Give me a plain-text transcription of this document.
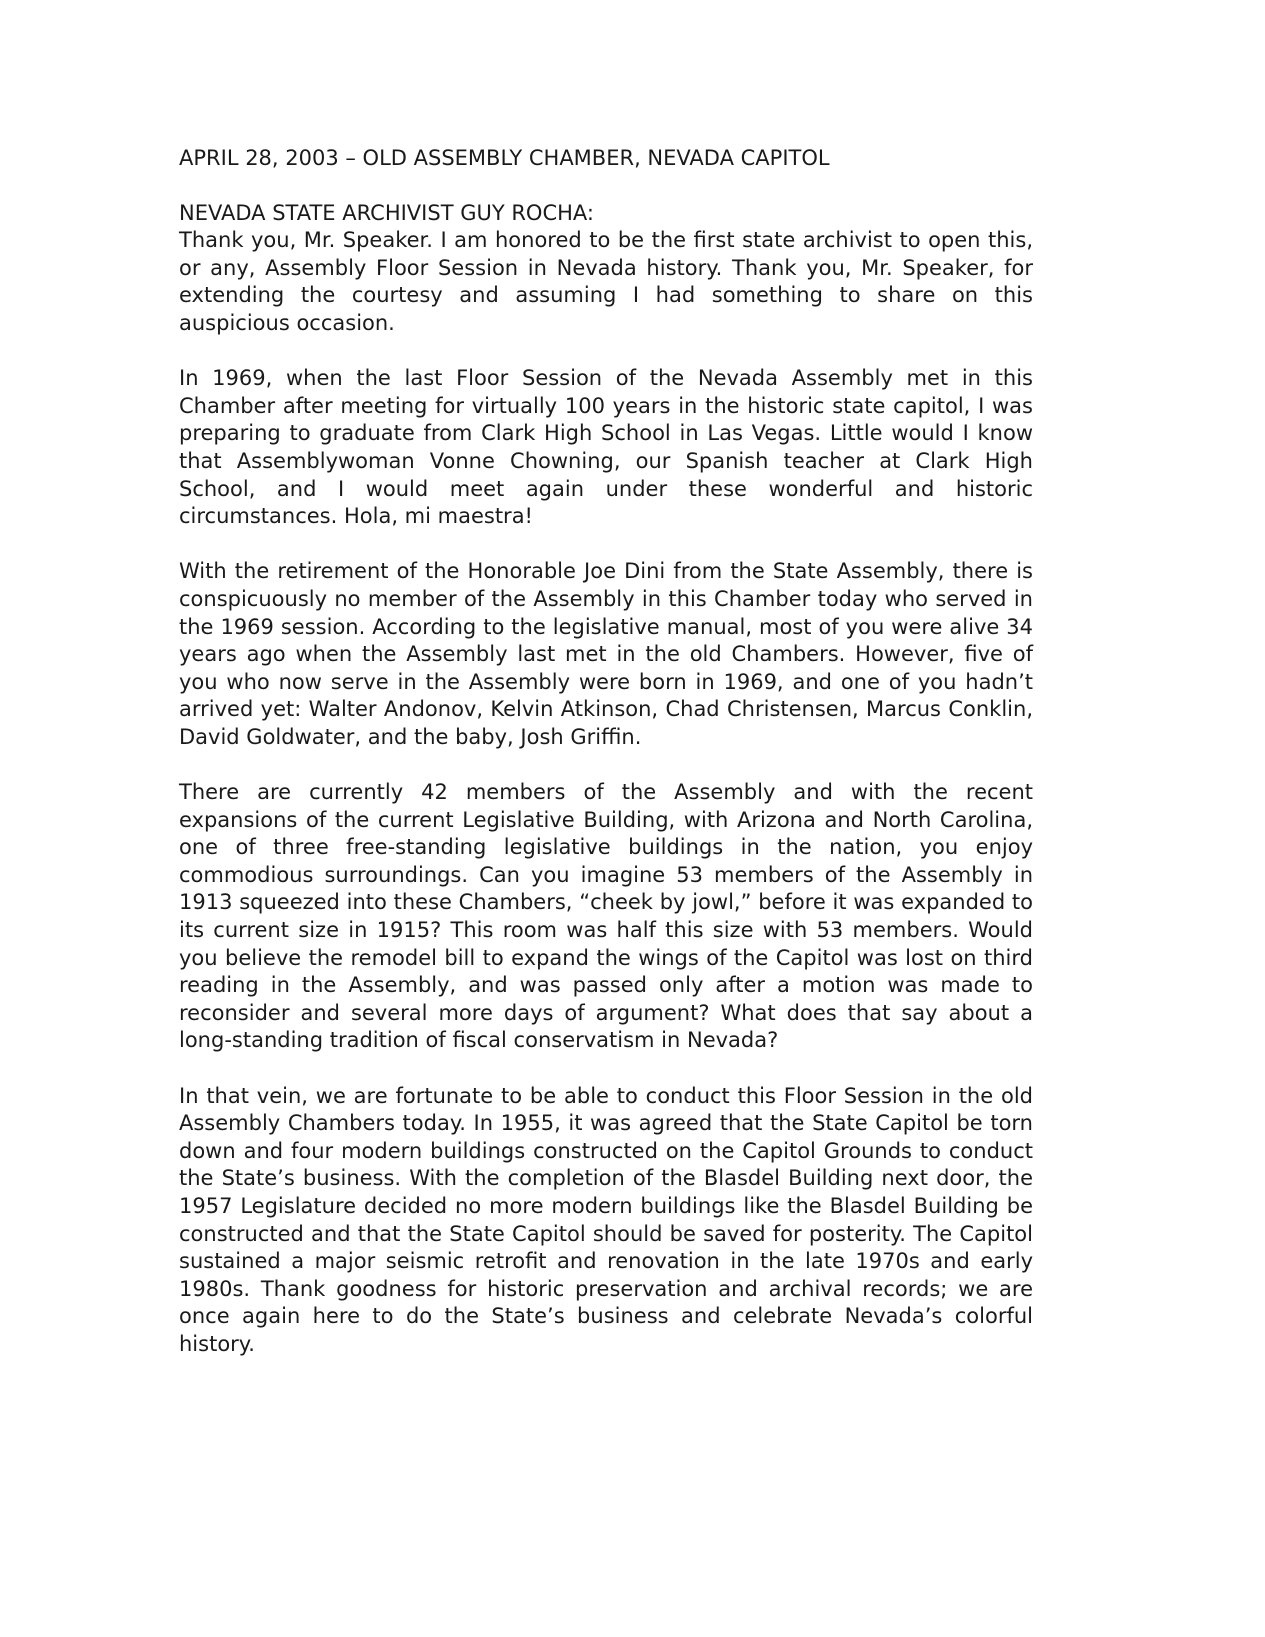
APRIL 28, 2003 – OLD ASSEMBLY CHAMBER, NEVADA CAPITOL

NEVADA STATE ARCHIVIST GUY ROCHA:

Thank you, Mr. Speaker. I am honored to be the first state archivist to open this, or any, Assembly Floor Session in Nevada history. Thank you, Mr. Speaker, for extending the courtesy and assuming I had something to share on this auspicious occasion.

In 1969, when the last Floor Session of the Nevada Assembly met in this Chamber after meeting for virtually 100 years in the historic state capitol, I was preparing to graduate from Clark High School in Las Vegas. Little would I know that Assemblywoman Vonne Chowning, our Spanish teacher at Clark High School, and I would meet again under these wonderful and historic circumstances. Hola, mi maestra!

With the retirement of the Honorable Joe Dini from the State Assembly, there is conspicuously no member of the Assembly in this Chamber today who served in the 1969 session. According to the legislative manual, most of you were alive 34 years ago when the Assembly last met in the old Chambers. However, five of you who now serve in the Assembly were born in 1969, and one of you hadn’t arrived yet: Walter Andonov, Kelvin Atkinson, Chad Christensen, Marcus Conklin, David Goldwater, and the baby, Josh Griffin.

There are currently 42 members of the Assembly and with the recent expansions of the current Legislative Building, with Arizona and North Carolina, one of three free-standing legislative buildings in the nation, you enjoy commodious surroundings. Can you imagine 53 members of the Assembly in 1913 squeezed into these Chambers, “cheek by jowl,” before it was expanded to its current size in 1915? This room was half this size with 53 members. Would you believe the remodel bill to expand the wings of the Capitol was lost on third reading in the Assembly, and was passed only after a motion was made to reconsider and several more days of argument? What does that say about a long-standing tradition of fiscal conservatism in Nevada?

In that vein, we are fortunate to be able to conduct this Floor Session in the old Assembly Chambers today. In 1955, it was agreed that the State Capitol be torn down and four modern buildings constructed on the Capitol Grounds to conduct the State’s business. With the completion of the Blasdel Building next door, the 1957 Legislature decided no more modern buildings like the Blasdel Building be constructed and that the State Capitol should be saved for posterity. The Capitol sustained a major seismic retrofit and renovation in the late 1970s and early 1980s. Thank goodness for historic preservation and archival records; we are once again here to do the State’s business and celebrate Nevada’s colorful history.
